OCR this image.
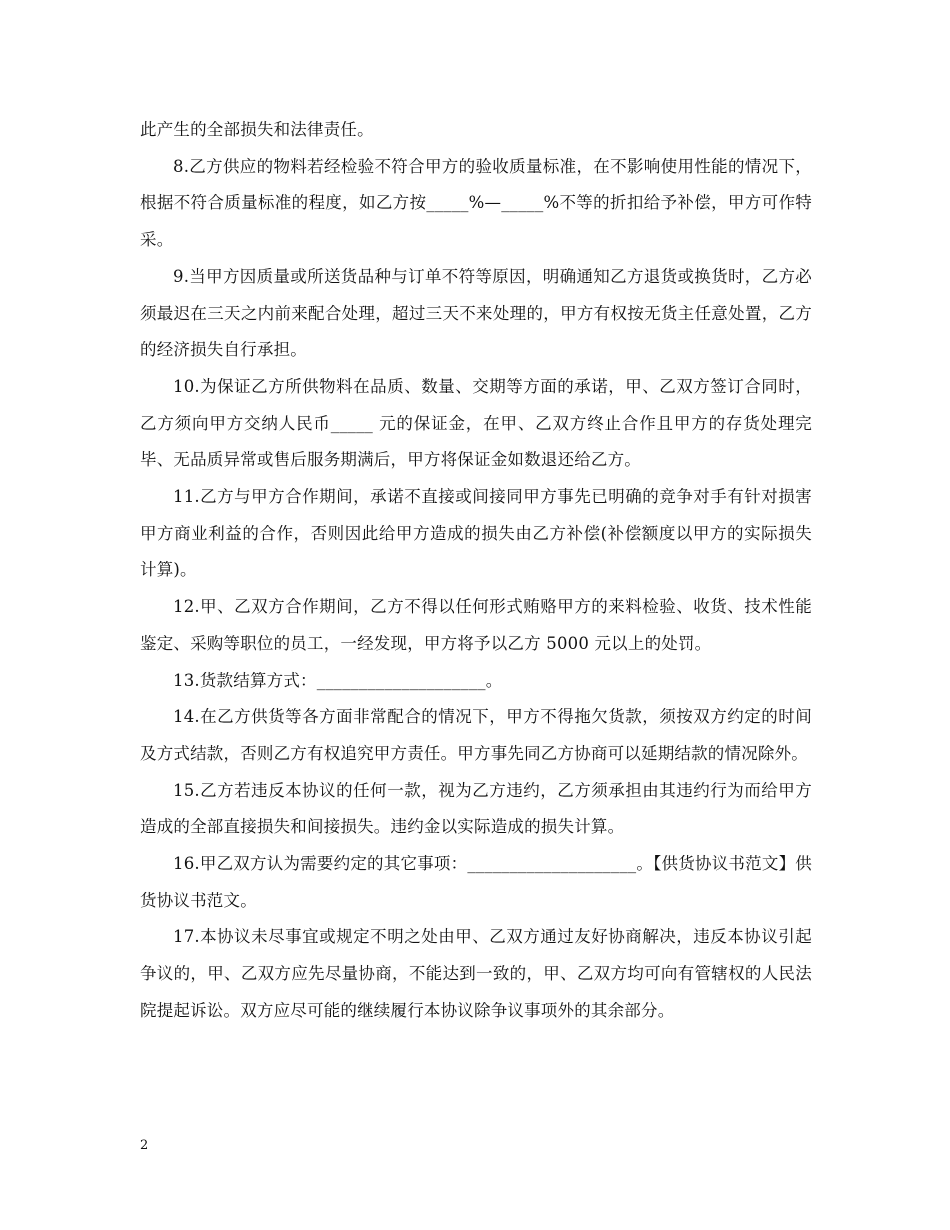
此产生的全部损失和法律责任。

8.乙方供应的物料若经检验不符合甲方的验收质量标准，在不影响使用性能的情况下，根据不符合质量标准的程度，如乙方按_____%—_____%不等的折扣给予补偿，甲方可作特采。

9.当甲方因质量或所送货品种与订单不符等原因，明确通知乙方退货或换货时，乙方必须最迟在三天之内前来配合处理，超过三天不来处理的，甲方有权按无货主任意处置，乙方的经济损失自行承担。

10.为保证乙方所供物料在品质、数量、交期等方面的承诺，甲、乙双方签订合同时，乙方须向甲方交纳人民币_____ 元的保证金，在甲、乙双方终止合作且甲方的存货处理完毕、无品质异常或售后服务期满后，甲方将保证金如数退还给乙方。

11.乙方与甲方合作期间，承诺不直接或间接同甲方事先已明确的竞争对手有针对损害甲方商业利益的合作，否则因此给甲方造成的损失由乙方补偿(补偿额度以甲方的实际损失计算)。

12.甲、乙双方合作期间，乙方不得以任何形式贿赂甲方的来料检验、收货、技术性能鉴定、采购等职位的员工，一经发现，甲方将予以乙方 5000 元以上的处罚。

13.货款结算方式：____________________。

14.在乙方供货等各方面非常配合的情况下，甲方不得拖欠货款，须按双方约定的时间及方式结款，否则乙方有权追究甲方责任。甲方事先同乙方协商可以延期结款的情况除外。

15.乙方若违反本协议的任何一款，视为乙方违约，乙方须承担由其违约行为而给甲方造成的全部直接损失和间接损失。违约金以实际造成的损失计算。

16.甲乙双方认为需要约定的其它事项：____________________。【供货协议书范文】供货协议书范文。

17.本协议未尽事宜或规定不明之处由甲、乙双方通过友好协商解决，违反本协议引起争议的，甲、乙双方应先尽量协商，不能达到一致的，甲、乙双方均可向有管辖权的人民法院提起诉讼。双方应尽可能的继续履行本协议除争议事项外的其余部分。

2
